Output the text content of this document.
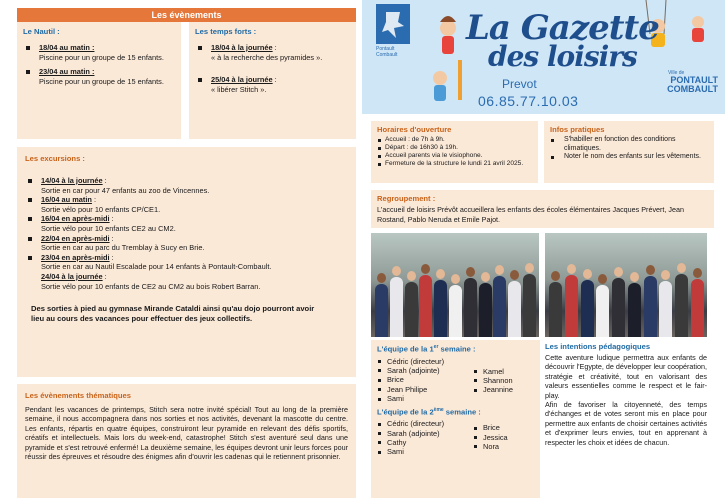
Les évènements
Le Nautil :
18/04 au matin :
Piscine pour un groupe de 15 enfants.
23/04 au matin :
Piscine pour un groupe de 15 enfants.
Les temps forts :
18/04 à la journée :
« à la recherche des pyramides ».
25/04 à la journée :
« libérer Stitch ».
Les excursions :
14/04 à la journée :
Sortie en car pour 47 enfants au zoo de Vincennes.
16/04 au matin :
Sortie vélo pour 10 enfants CP/CE1.
16/04 en après-midi :
Sortie vélo pour 10 enfants CE2 au CM2.
22/04 en après-midi :
Sortie en car au parc du Tremblay à Sucy en Brie.
23/04 en après-midi :
Sortie en car au Nautil Escalade pour 14 enfants à Pontault-Combault.
24/04 à la journée :
Sortie vélo pour 10 enfants de CE2 au CM2 au bois Robert Barran.
Des sorties à pied au gymnase Mirande Cataldi ainsi qu'au dojo pourront avoir lieu au cours des vacances pour effectuer des jeux collectifs.
Les évènements thématiques

Pendant les vacances de printemps, Stitch sera notre invité spécial! Tout au long de la première semaine, il nous accompagnera dans nos sorties et nos activités, devenant la mascotte du centre. Les enfants, répartis en quatre équipes, construiront leur pyramide en relevant des défis sportifs, créatifs et intellectuels. Mais lors du week-end, catastrophe! Stitch s'est aventuré seul dans une pyramide et s'est retrouvé enfermé! La deuxième semaine, les équipes devront unir leurs forces pour réussir des épreuves et résoudre des énigmes afin d'ouvrir les cadenas qui le retiennent prisonnier.

Pontault Combault
La Gazette
des loisirs
Prevot
06.85.77.10.03
Ville de
PONTAULT COMBAULT
Horaires d'ouverture
Accueil : de 7h à 9h.
Départ : de 16h30 à 19h.
Accueil parents via le visiophone.
Fermeture de la structure le lundi 21 avril 2025.
Infos pratiques
S'habiller en fonction des conditions climatiques.
Noter le nom des enfants sur les vêtements.
Regroupement :

L'accueil de loisirs Prévôt accueillera les enfants des écoles élémentaires Jacques Prévert, Jean Rostand, Pablo Neruda et Emile Pajot.

L'équipe de la 1er semaine :
Cédric (directeur)
Sarah (adjointe)
Brice
Jean Philipe
Sami
Kamel
Shannon
Jeannine
L'équipe de la 2ème semaine :
Cédric (directeur)
Sarah (adjointe)
Cathy
Sami
Brice
Jessica
Nora
Les intentions pédagogiques

Cette aventure ludique permettra aux enfants de découvrir l'Egypte, de développer leur coopération, stratégie et créativité, tout en valorisant des valeurs essentielles comme le respect et le fair-play.

Afin de favoriser la citoyenneté, des temps d'échanges et de votes seront mis en place pour permettre aux enfants de choisir certaines activités et d'exprimer leurs envies, tout en apprenant à respecter les choix et idées de chacun.
